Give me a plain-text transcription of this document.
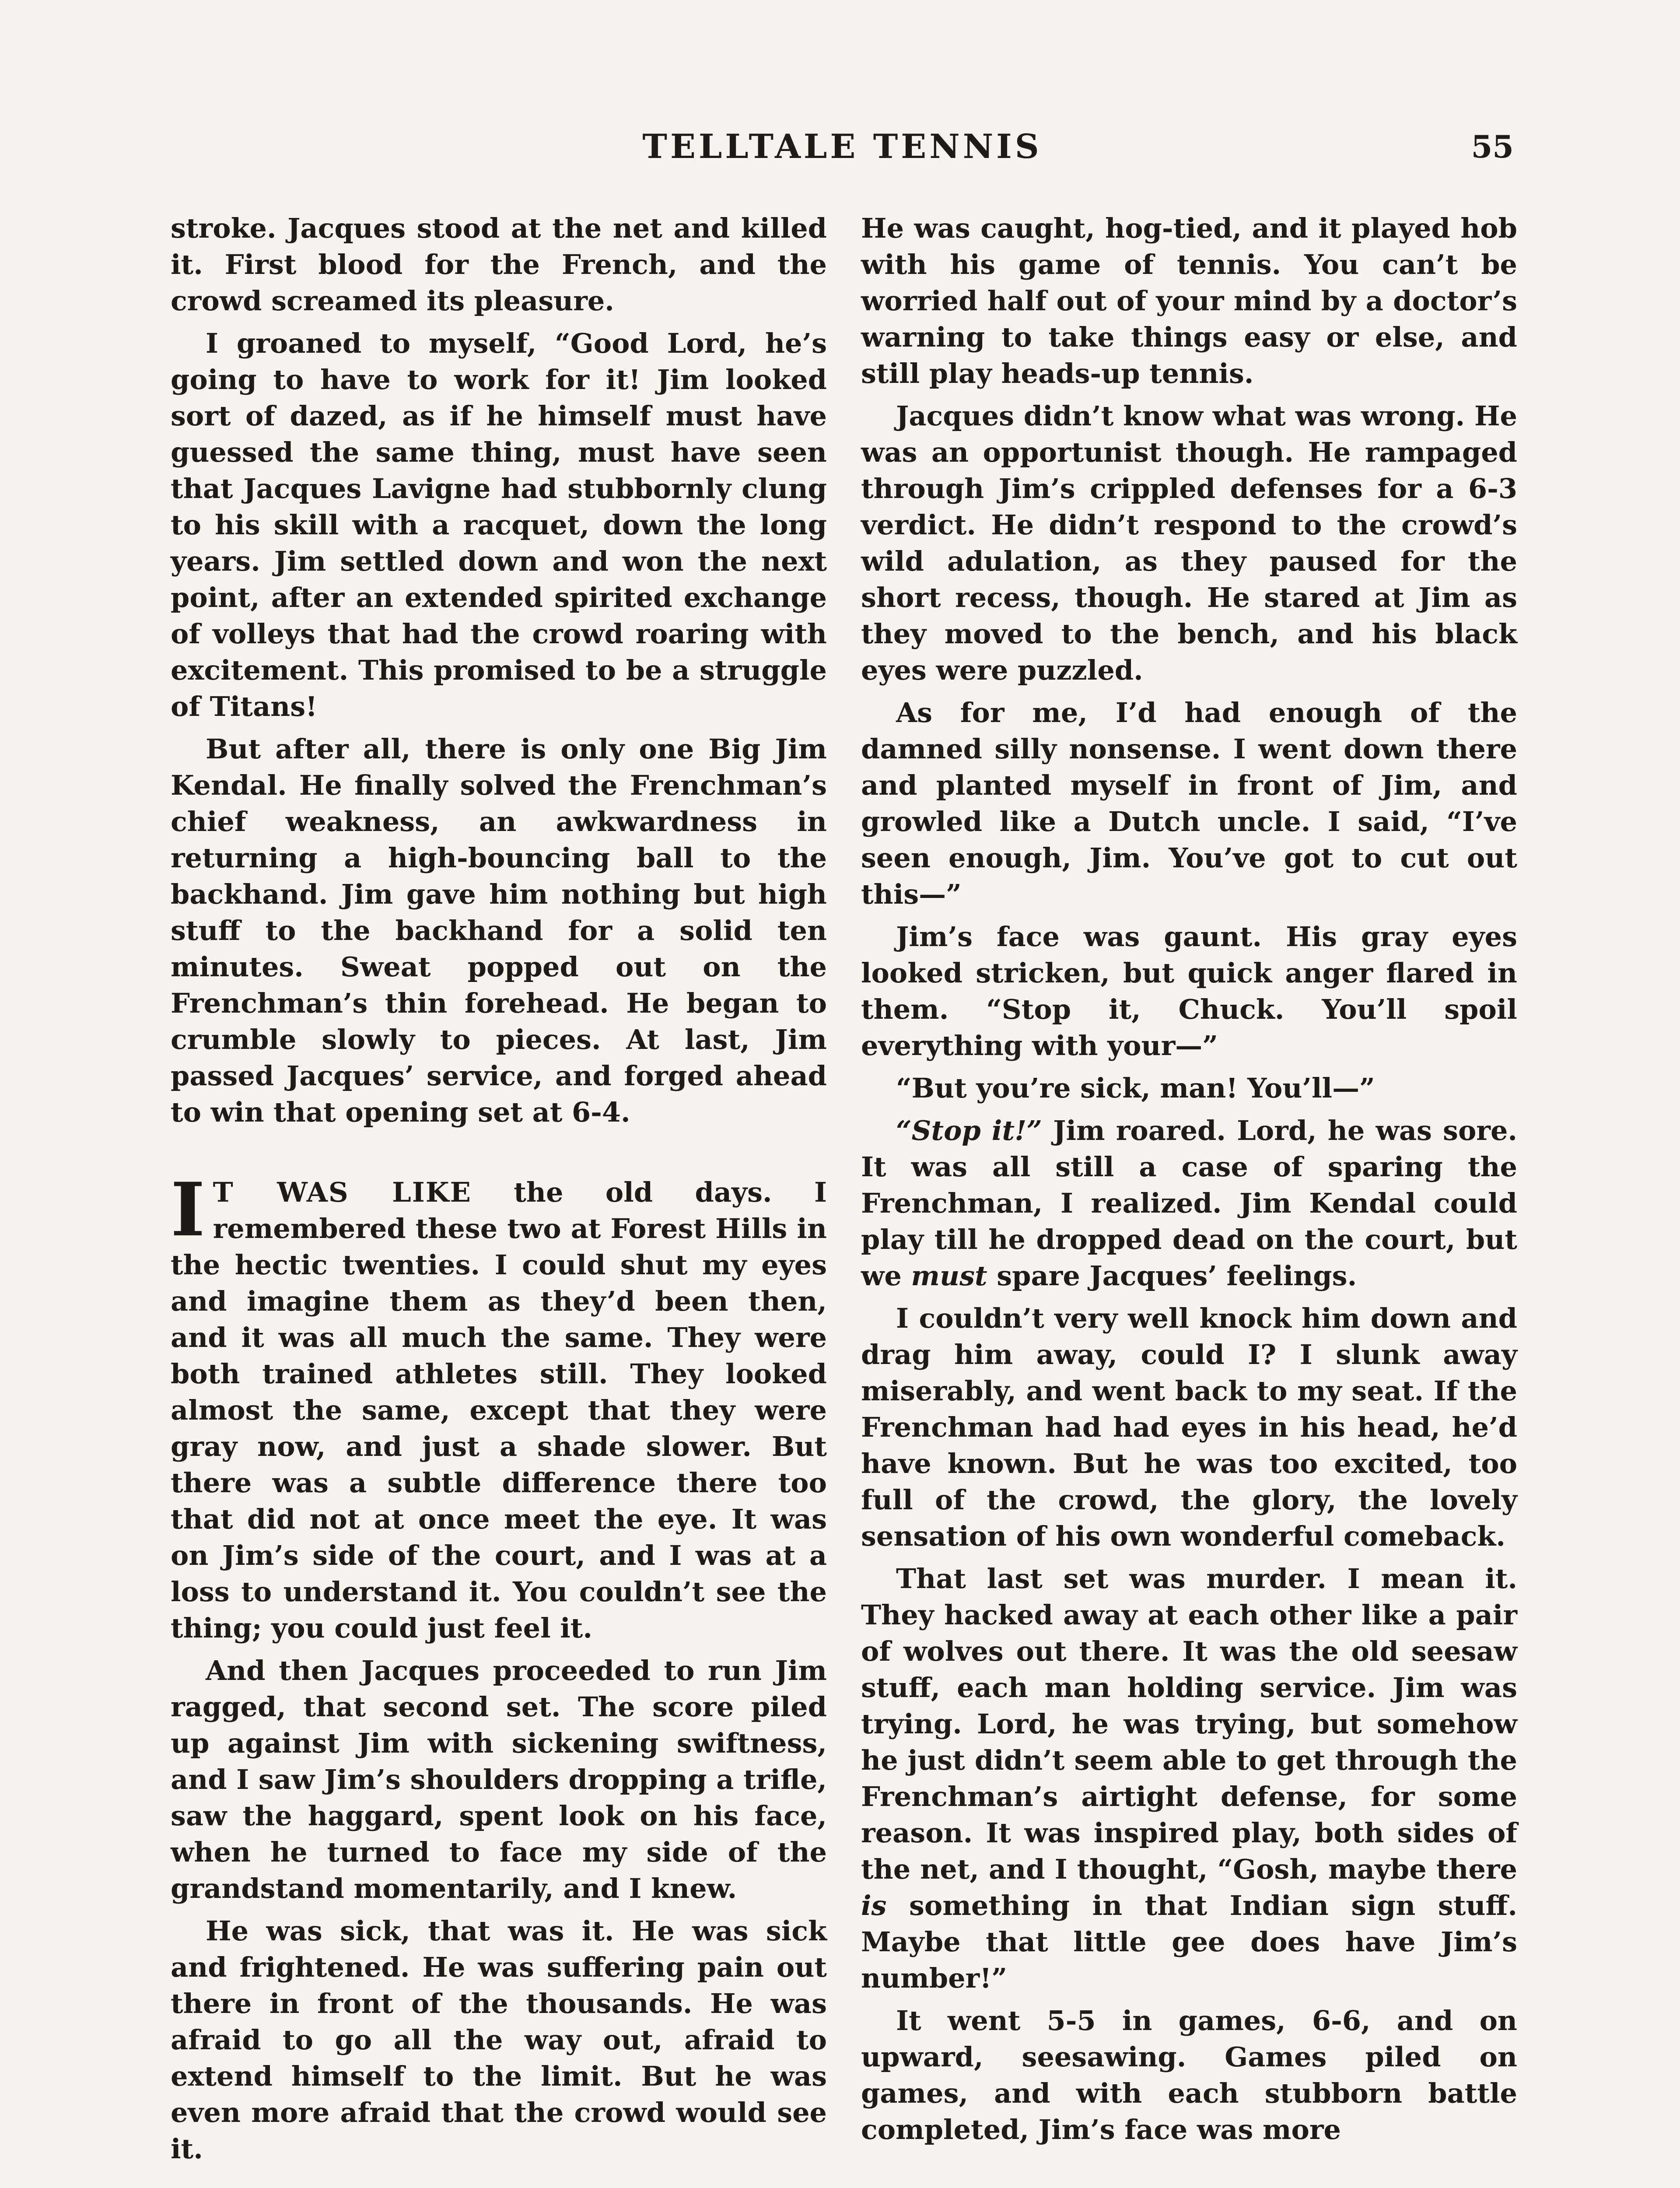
TELLTALE TENNIS	55

stroke. Jacques stood at the net and killed it. First blood for the French, and the crowd screamed its pleasure.

I groaned to myself, “Good Lord, he’s going to have to work for it! Jim looked sort of dazed, as if he himself must have guessed the same thing, must have seen that Jacques Lavigne had stubbornly clung to his skill with a racquet, down the long years. Jim settled down and won the next point, after an extended spirited exchange of volleys that had the crowd roaring with excitement. This promised to be a struggle of Titans!

But after all, there is only one Big Jim Kendal. He finally solved the Frenchman’s chief weakness, an awkwardness in returning a high-bouncing ball to the backhand. Jim gave him nothing but high stuff to the backhand for a solid ten minutes. Sweat popped out on the Frenchman’s thin forehead. He began to crumble slowly to pieces. At last, Jim passed Jacques’ service, and forged ahead to win that opening set at 6-4.

I T WAS LIKE the old days. I remembered these two at Forest Hills in the hectic twenties. I could shut my eyes and imagine them as they’d been then, and it was all much the same. They were both trained athletes still. They looked almost the same, except that they were gray now, and just a shade slower. But there was a subtle difference there too that did not at once meet the eye. It was on Jim’s side of the court, and I was at a loss to understand it. You couldn’t see the thing; you could just feel it.

And then Jacques proceeded to run Jim ragged, that second set. The score piled up against Jim with sickening swiftness, and I saw Jim’s shoulders dropping a trifle, saw the haggard, spent look on his face, when he turned to face my side of the grandstand momentarily, and I knew.

He was sick, that was it. He was sick and frightened. He was suffering pain out there in front of the thousands. He was afraid to go all the way out, afraid to extend himself to the limit. But he was even more afraid that the crowd would see it.

He was caught, hog-tied, and it played hob with his game of tennis. You can’t be worried half out of your mind by a doctor’s warning to take things easy or else, and still play heads-up tennis.

Jacques didn’t know what was wrong. He was an opportunist though. He rampaged through Jim’s crippled defenses for a 6-3 verdict. He didn’t respond to the crowd’s wild adulation, as they paused for the short recess, though. He stared at Jim as they moved to the bench, and his black eyes were puzzled.

As for me, I’d had enough of the damned silly nonsense. I went down there and planted myself in front of Jim, and growled like a Dutch uncle. I said, “I’ve seen enough, Jim. You’ve got to cut out this—”

Jim’s face was gaunt. His gray eyes looked stricken, but quick anger flared in them. “Stop it, Chuck. You’ll spoil everything with your—”

“But you’re sick, man! You’ll—”

“Stop it!” Jim roared. Lord, he was sore. It was all still a case of sparing the Frenchman, I realized. Jim Kendal could play till he dropped dead on the court, but we must spare Jacques’ feelings.

I couldn’t very well knock him down and drag him away, could I? I slunk away miserably, and went back to my seat. If the Frenchman had had eyes in his head, he’d have known. But he was too excited, too full of the crowd, the glory, the lovely sensation of his own wonderful comeback.

That last set was murder. I mean it. They hacked away at each other like a pair of wolves out there. It was the old seesaw stuff, each man holding service. Jim was trying. Lord, he was trying, but somehow he just didn’t seem able to get through the Frenchman’s airtight defense, for some reason. It was inspired play, both sides of the net, and I thought, “Gosh, maybe there is something in that Indian sign stuff. Maybe that little gee does have Jim’s number!”

It went 5-5 in games, 6-6, and on upward, seesawing. Games piled on games, and with each stubborn battle completed, Jim’s face was more
